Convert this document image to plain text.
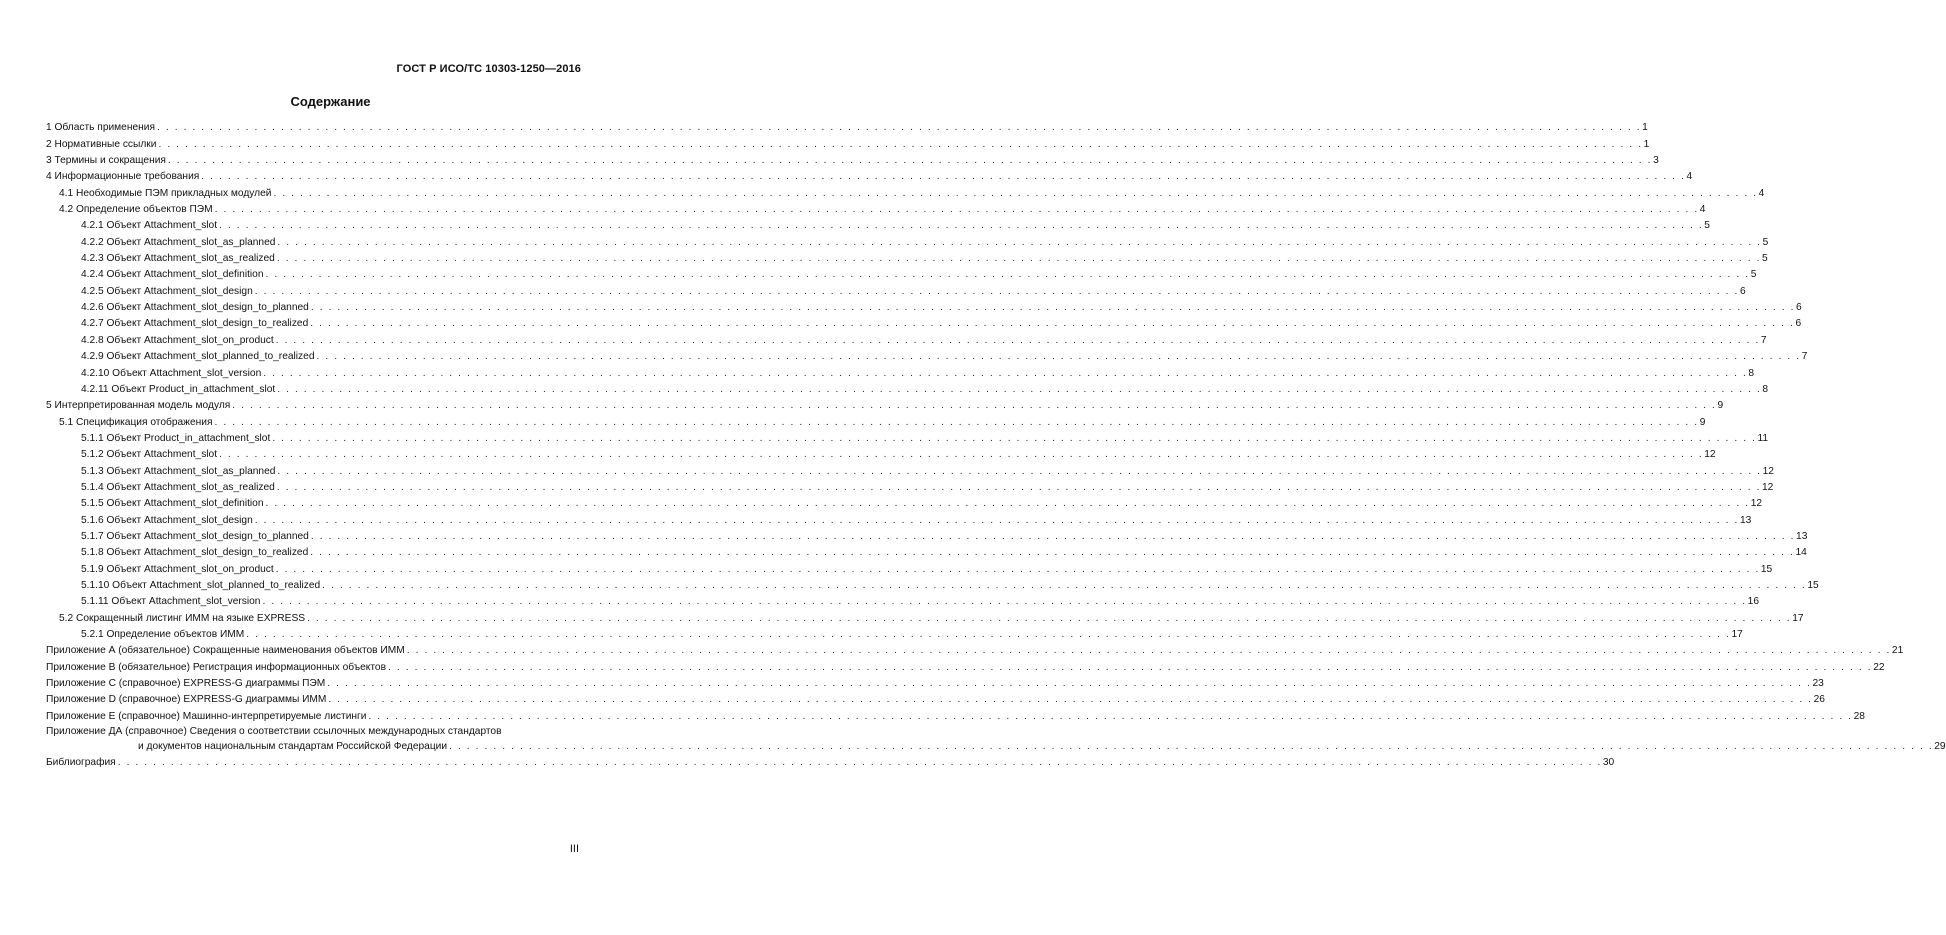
ГОСТ Р ИСО/ТС 10303-1250—2016
Содержание
1 Область применения . . .	1
2 Нормативные ссылки . . .	1
3 Термины и сокращения . . .	3
4 Информационные требования . . .	4
4.1 Необходимые ПЭМ прикладных модулей . . .	4
4.2 Определение объектов ПЭМ . . .	4
4.2.1 Объект Attachment_slot . . .	5
4.2.2 Объект Attachment_slot_as_planned . . .	5
4.2.3 Объект Attachment_slot_as_realized . . .	5
4.2.4 Объект Attachment_slot_definition . . .	5
4.2.5 Объект Attachment_slot_design . . .	6
4.2.6 Объект Attachment_slot_design_to_planned . . .	6
4.2.7 Объект Attachment_slot_design_to_realized . . .	6
4.2.8 Объект Attachment_slot_on_product . . .	7
4.2.9 Объект Attachment_slot_planned_to_realized . . .	7
4.2.10 Объект Attachment_slot_version . . .	8
4.2.11 Объект Product_in_attachment_slot . . .	8
5 Интерпретированная модель модуля . . .	9
5.1 Спецификация отображения . . .	9
5.1.1 Объект Product_in_attachment_slot . . .	11
5.1.2 Объект Attachment_slot . . .	12
5.1.3 Объект Attachment_slot_as_planned . . .	12
5.1.4 Объект Attachment_slot_as_realized . . .	12
5.1.5 Объект Attachment_slot_definition . . .	12
5.1.6 Объект Attachment_slot_design . . .	13
5.1.7 Объект Attachment_slot_design_to_planned . . .	13
5.1.8 Объект Attachment_slot_design_to_realized . . .	14
5.1.9 Объект Attachment_slot_on_product . . .	15
5.1.10 Объект Attachment_slot_planned_to_realized . . .	15
5.1.11 Объект Attachment_slot_version . . .	16
5.2 Сокращенный листинг ИММ на языке EXPRESS . . .	17
5.2.1 Определение объектов ИММ . . .	17
Приложение А (обязательное) Сокращенные наименования объектов ИММ . . .	21
Приложение В (обязательное) Регистрация информационных объектов . . .	22
Приложение С (справочное) EXPRESS-G диаграммы ПЭМ . . .	23
Приложение D (справочное) EXPRESS-G диаграммы ИММ . . .	26
Приложение Е (справочное) Машинно-интерпретируемые листинги . . .	28
Приложение ДА (справочное) Сведения о соответствии ссылочных международных стандартов
и документов национальным стандартам Российской Федерации . . .	29
Библиография . . .	30
III
